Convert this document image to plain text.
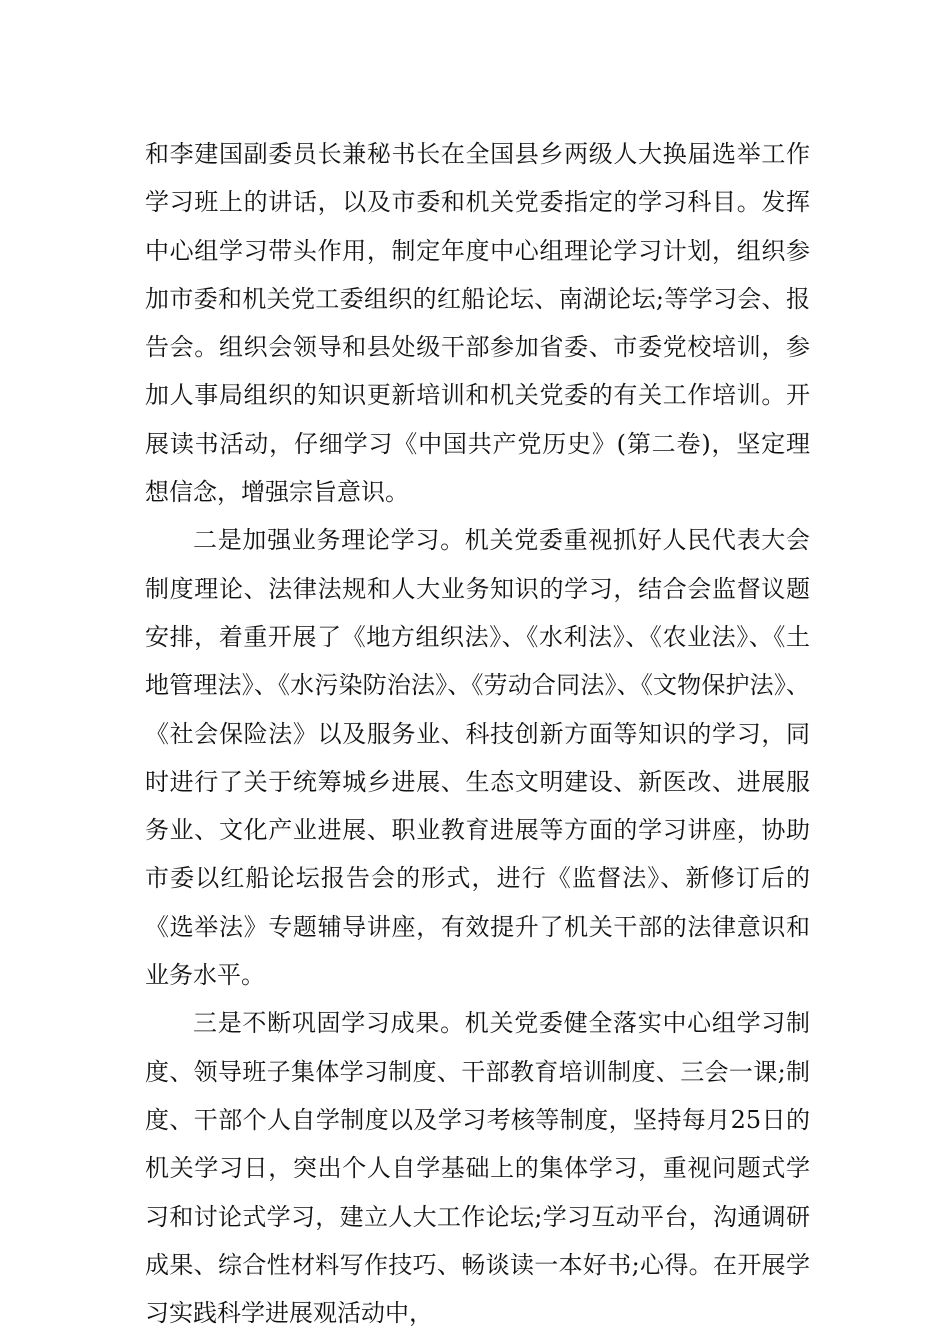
和李建国副委员长兼秘书长在全国县乡两级人大换届选举工作学习班上的讲话，以及市委和机关党委指定的学习科目。发挥中心组学习带头作用，制定年度中心组理论学习计划，组织参加市委和机关党工委组织的红船论坛、南湖论坛;等学习会、报告会。组织会领导和县处级干部参加省委、市委党校培训，参加人事局组织的知识更新培训和机关党委的有关工作培训。开展读书活动，仔细学习《中国共产党历史》(第二卷)，坚定理想信念，增强宗旨意识。

二是加强业务理论学习。机关党委重视抓好人民代表大会制度理论、法律法规和人大业务知识的学习，结合会监督议题安排，着重开展了《地方组织法》、《水利法》、《农业法》、《土地管理法》、《水污染防治法》、《劳动合同法》、《文物保护法》、《社会保险法》以及服务业、科技创新方面等知识的学习，同时进行了关于统筹城乡进展、生态文明建设、新医改、进展服务业、文化产业进展、职业教育进展等方面的学习讲座，协助市委以红船论坛报告会的形式，进行《监督法》、新修订后的《选举法》专题辅导讲座，有效提升了机关干部的法律意识和业务水平。

三是不断巩固学习成果。机关党委健全落实中心组学习制度、领导班子集体学习制度、干部教育培训制度、三会一课;制度、干部个人自学制度以及学习考核等制度，坚持每月25日的机关学习日，突出个人自学基础上的集体学习，重视问题式学习和讨论式学习，建立人大工作论坛;学习互动平台，沟通调研成果、综合性材料写作技巧、畅谈读一本好书;心得。在开展学习实践科学进展观活动中，
